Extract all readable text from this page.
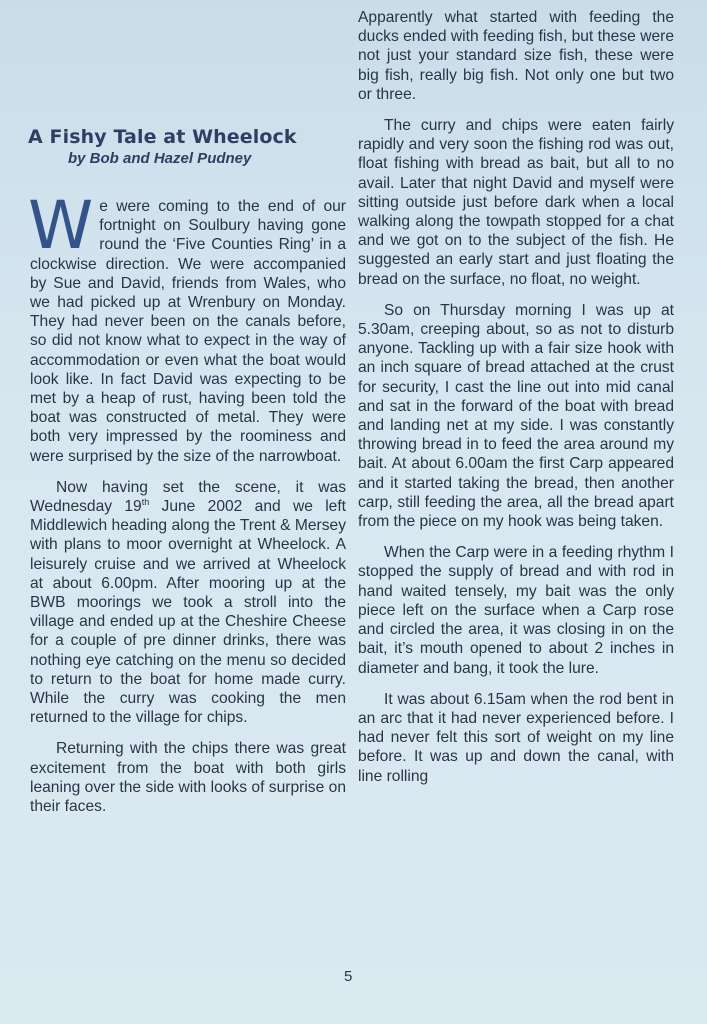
A Fishy Tale at Wheelock
by Bob and Hazel Pudney

We were coming to the end of our fortnight on Soulbury having gone round the ‘Five Counties Ring’ in a clockwise direction. We were accompanied by Sue and David, friends from Wales, who we had picked up at Wrenbury on Monday. They had never been on the canals before, so did not know what to expect in the way of accommodation or even what the boat would look like. In fact David was expecting to be met by a heap of rust, having been told the boat was constructed of metal. They were both very impressed by the roominess and were surprised by the size of the narrowboat.

Now having set the scene, it was Wednesday 19th June 2002 and we left Middlewich heading along the Trent & Mersey with plans to moor overnight at Wheelock. A leisurely cruise and we arrived at Wheelock at about 6.00pm. After mooring up at the BWB moorings we took a stroll into the village and ended up at the Cheshire Cheese for a couple of pre dinner drinks, there was nothing eye catching on the menu so decided to return to the boat for home made curry. While the curry was cooking the men returned to the village for chips.

Returning with the chips there was great excitement from the boat with both girls leaning over the side with looks of surprise on their faces.

Apparently what started with feeding the ducks ended with feeding fish, but these were not just your standard size fish, these were big fish, really big fish. Not only one but two or three.

The curry and chips were eaten fairly rapidly and very soon the fishing rod was out, float fishing with bread as bait, but all to no avail. Later that night David and myself were sitting outside just before dark when a local walking along the towpath stopped for a chat and we got on to the subject of the fish. He suggested an early start and just floating the bread on the surface, no float, no weight.

So on Thursday morning I was up at 5.30am, creeping about, so as not to disturb anyone. Tackling up with a fair size hook with an inch square of bread attached at the crust for security, I cast the line out into mid canal and sat in the forward of the boat with bread and landing net at my side. I was constantly throwing bread in to feed the area around my bait. At about 6.00am the first Carp appeared and it started taking the bread, then another carp, still feeding the area, all the bread apart from the piece on my hook was being taken.

When the Carp were in a feeding rhythm I stopped the supply of bread and with rod in hand waited tensely, my bait was the only piece left on the surface when a Carp rose and circled the area, it was closing in on the bait, it’s mouth opened to about 2 inches in diameter and bang, it took the lure.

It was about 6.15am when the rod bent in an arc that it had never experienced before. I had never felt this sort of weight on my line before. It was up and down the canal, with line rolling

5
